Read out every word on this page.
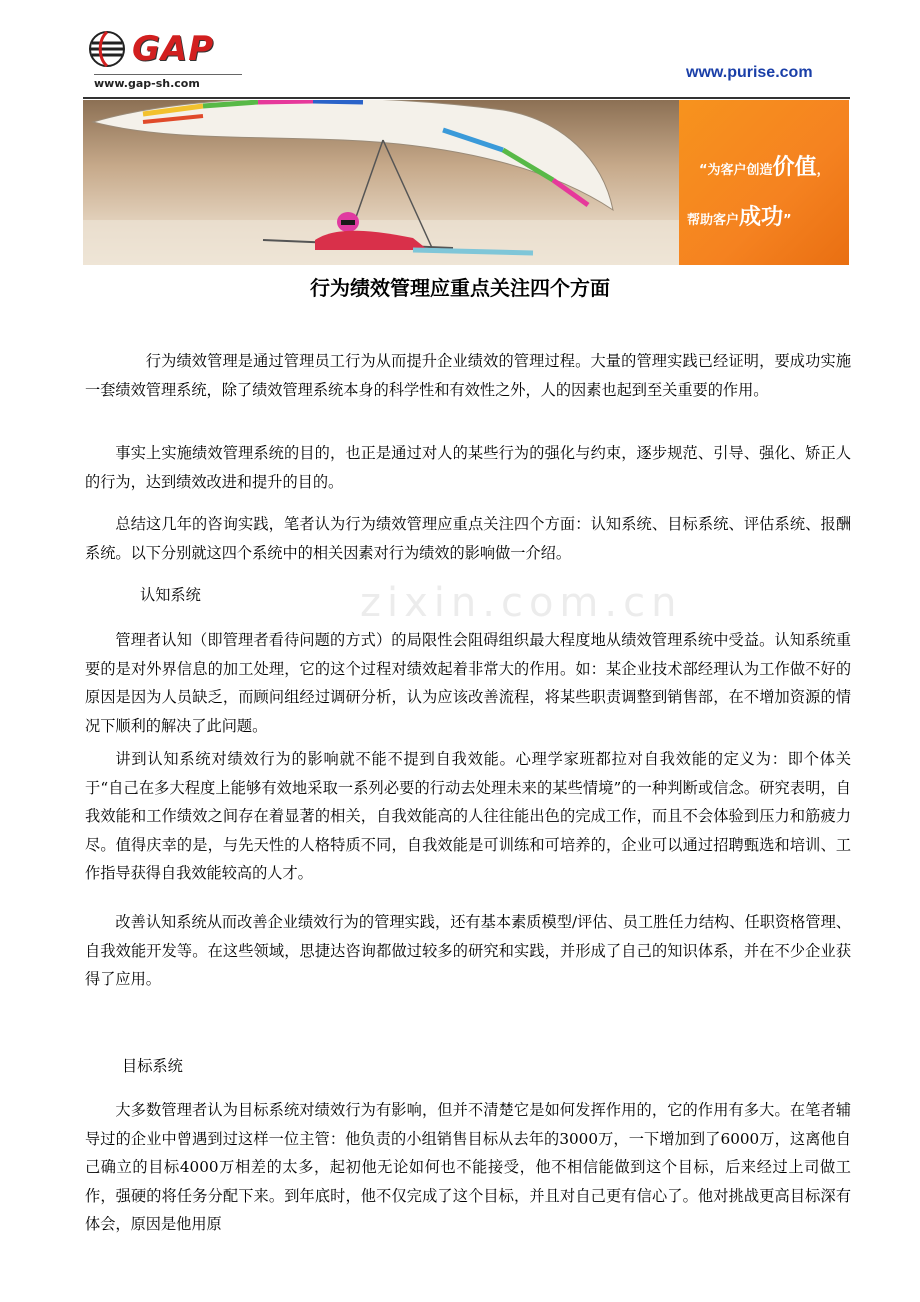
GAP
www.gap-sh.com
www.purise.com
“为客户创造价值，
帮助客户成功”
行为绩效管理应重点关注四个方面
zixin.com.cn

行为绩效管理是通过管理员工行为从而提升企业绩效的管理过程。大量的管理实践已经证明，要成功实施一套绩效管理系统，除了绩效管理系统本身的科学性和有效性之外，人的因素也起到至关重要的作用。

事实上实施绩效管理系统的目的，也正是通过对人的某些行为的强化与约束，逐步规范、引导、强化、矫正人的行为，达到绩效改进和提升的目的。

总结这几年的咨询实践，笔者认为行为绩效管理应重点关注四个方面：认知系统、目标系统、评估系统、报酬系统。以下分别就这四个系统中的相关因素对行为绩效的影响做一介绍。

认知系统

管理者认知（即管理者看待问题的方式）的局限性会阻碍组织最大程度地从绩效管理系统中受益。认知系统重要的是对外界信息的加工处理，它的这个过程对绩效起着非常大的作用。如：某企业技术部经理认为工作做不好的原因是因为人员缺乏，而顾问组经过调研分析，认为应该改善流程，将某些职责调整到销售部，在不增加资源的情况下顺利的解决了此问题。

讲到认知系统对绩效行为的影响就不能不提到自我效能。心理学家班都拉对自我效能的定义为：即个体关于“自己在多大程度上能够有效地采取一系列必要的行动去处理未来的某些情境”的一种判断或信念。研究表明，自我效能和工作绩效之间存在着显著的相关，自我效能高的人往往能出色的完成工作，而且不会体验到压力和筋疲力尽。值得庆幸的是，与先天性的人格特质不同，自我效能是可训练和可培养的，企业可以通过招聘甄选和培训、工作指导获得自我效能较高的人才。

改善认知系统从而改善企业绩效行为的管理实践，还有基本素质模型/评估、员工胜任力结构、任职资格管理、自我效能开发等。在这些领域，思捷达咨询都做过较多的研究和实践，并形成了自己的知识体系，并在不少企业获得了应用。

目标系统

大多数管理者认为目标系统对绩效行为有影响，但并不清楚它是如何发挥作用的，它的作用有多大。在笔者辅导过的企业中曾遇到过这样一位主管：他负责的小组销售目标从去年的3000万，一下增加到了6000万，这离他自己确立的目标4000万相差的太多，起初他无论如何也不能接受，他不相信能做到这个目标，后来经过上司做工作，强硬的将任务分配下来。到年底时，他不仅完成了这个目标，并且对自己更有信心了。他对挑战更高目标深有体会，原因是他用原
